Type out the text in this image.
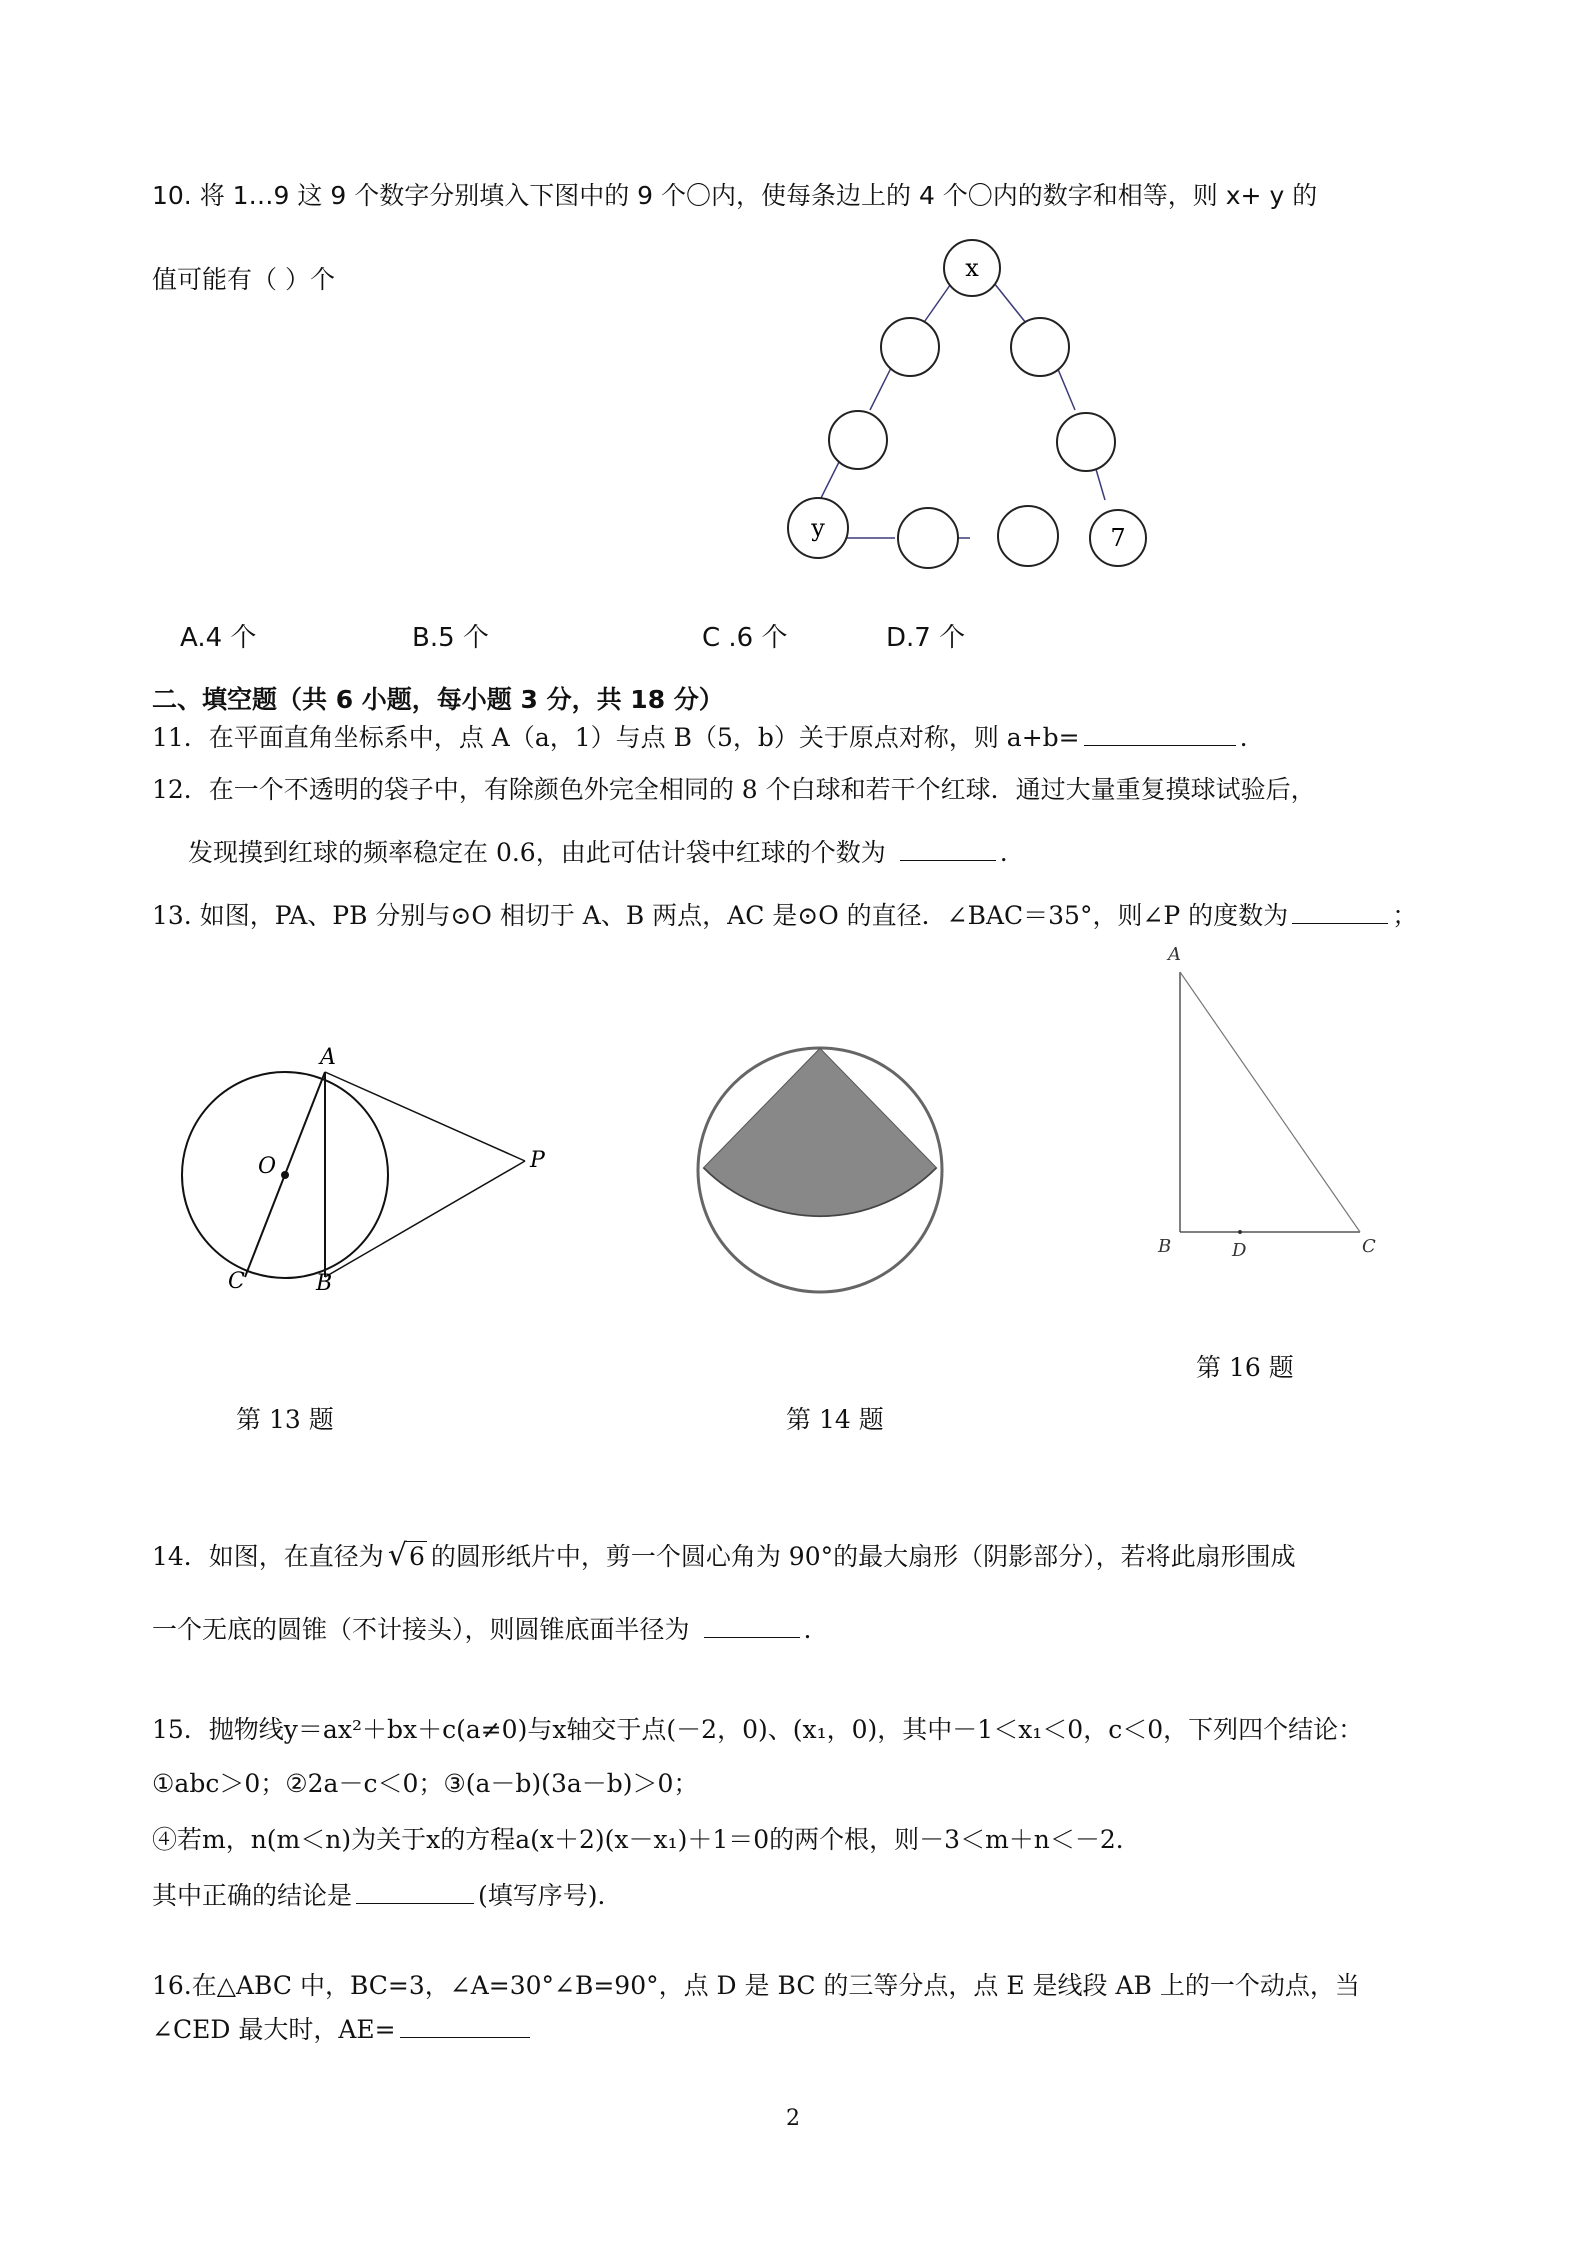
10. 将 1…9 这 9 个数字分别填入下图中的 9 个〇内，使每条边上的 4 个〇内的数字和相等，则 x+ y 的
值可能有（ ）个	x
y	7
A.4 个	B.5 个	C .6 个	D.7 个
二、填空题（共 6 小题，每小题 3 分，共 18 分）
11．在平面直角坐标系中，点 A（a，1）与点 B（5，b）关于原点对称，则 a+b=	.
12．在一个不透明的袋子中，有除颜色外完全相同的 8 个白球和若干个红球．通过大量重复摸球试验后，
发现摸到红球的频率稳定在 0.6，由此可估计袋中红球的个数为	.
13. 如图，PA、PB 分别与⊙O 相切于 A、B 两点，AC 是⊙O 的直径．∠BAC＝35°，则∠P 的度数为	；
A
O	P
C	B
A
B	D	C
第 16 题
第 13 题	第 14 题
14．如图，在直径为 √6 的圆形纸片中，剪一个圆心角为 90°的最大扇形（阴影部分），若将此扇形围成
一个无底的圆锥（不计接头），则圆锥底面半径为	.
15．抛物线y＝ax²＋bx＋c(a≠0)与x轴交于点(－2，0)、(x₁，0)，其中－1＜x₁＜0，c＜0，下列四个结论：
①abc＞0；②2a－c＜0；③(a－b)(3a－b)＞0；
④若m，n(m＜n)为关于x的方程a(x＋2)(x－x₁)＋1＝0的两个根，则－3＜m＋n＜－2．
其中正确的结论是	(填写序号)．
16.在△ABC 中，BC=3，∠A=30°∠B=90°，点 D 是 BC 的三等分点，点 E 是线段 AB 上的一个动点，当
∠CED 最大时，AE=
2
